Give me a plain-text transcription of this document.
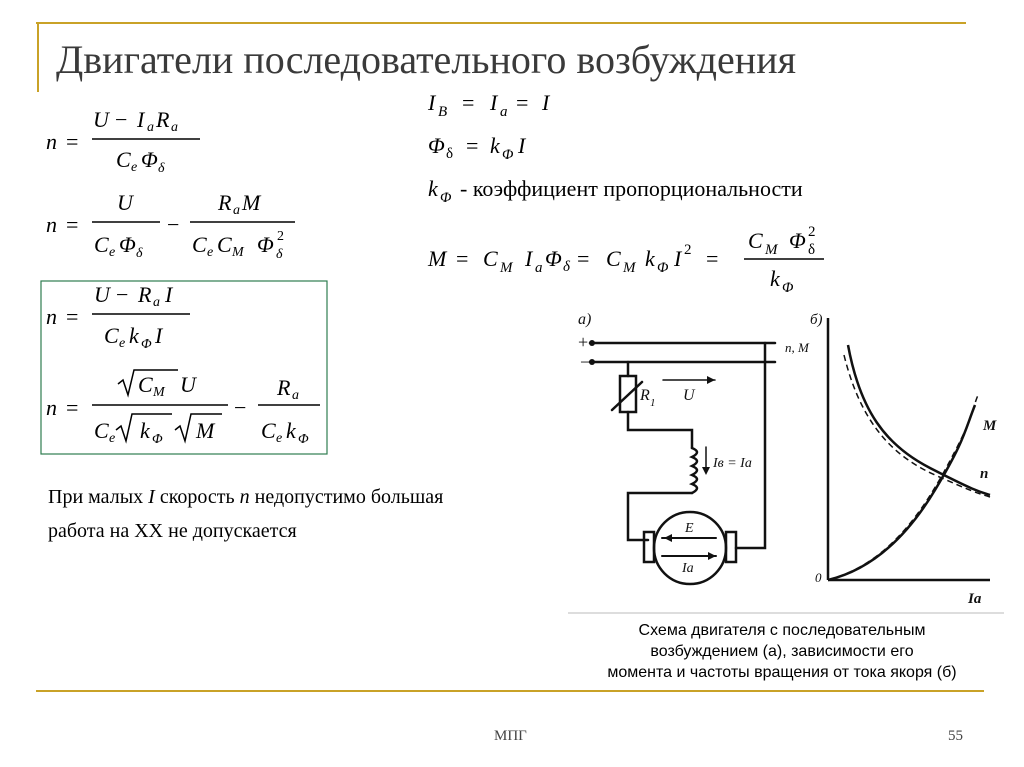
Двигатели последовательного возбуждения
n =
U − I a R a
C e Φ δ
n =
U
C e Φ δ
−
R a M
C e C M Φ 2
δ
n =
U − R a I
C e k Φ I
n =
C M U
C e k Φ M
−
R a
C e k Φ
I B = I a = I
Φ δ = k Φ I
k Φ - коэффициент пропорциональности
M = C M I a Φ δ = C M k Φ I 2 =
C M Φ 2
δ
k Φ
При малых I скорость n недопустимо большая
работа на ХХ не допускается
а)
+
−
R 1 U
Iв = Iа
E
Iа
б)
n, M
Iа
0
M
n
Схема двигателя с последовательным
возбуждением (а), зависимости его
момента и частоты вращения от тока якоря (б)
МПГ	55
